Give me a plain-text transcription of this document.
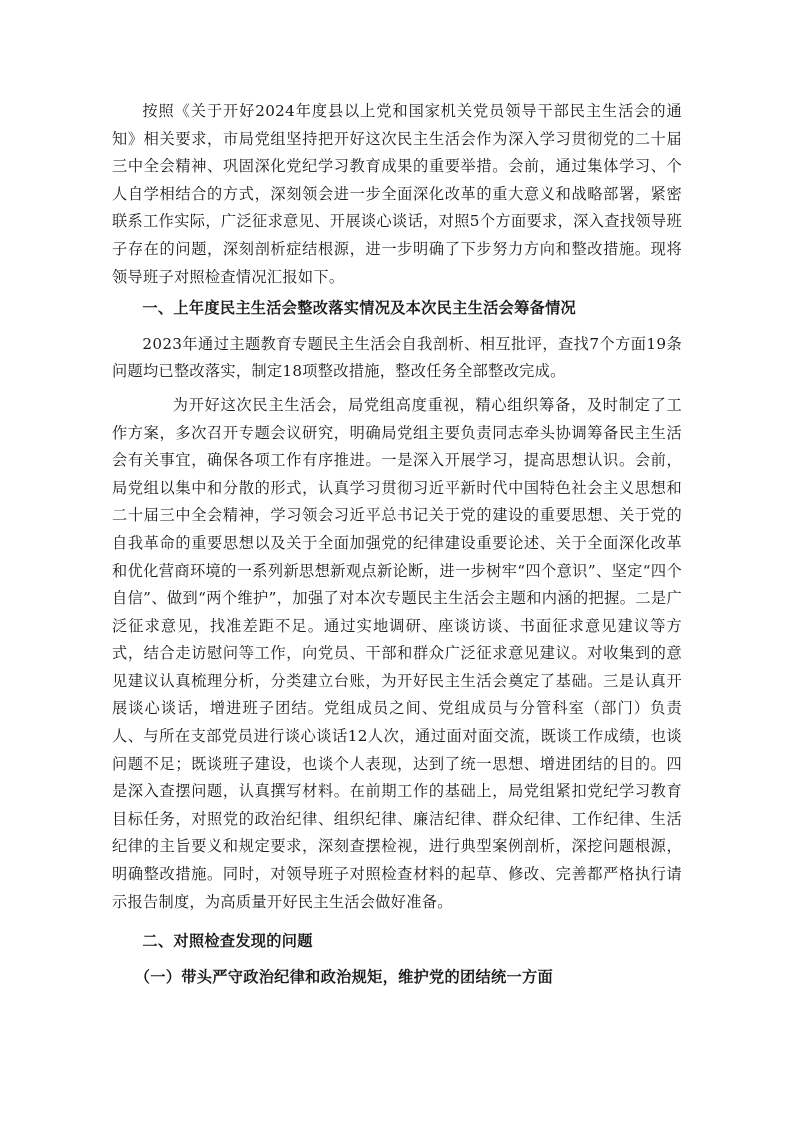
按照《关于开好2024年度县以上党和国家机关党员领导干部民主生活会的通知》相关要求，市局党组坚持把开好这次民主生活会作为深入学习贯彻党的二十届三中全会精神、巩固深化党纪学习教育成果的重要举措。会前，通过集体学习、个人自学相结合的方式，深刻领会进一步全面深化改革的重大意义和战略部署，紧密联系工作实际，广泛征求意见、开展谈心谈话，对照5个方面要求，深入查找领导班子存在的问题，深刻剖析症结根源，进一步明确了下步努力方向和整改措施。现将领导班子对照检查情况汇报如下。

一、上年度民主生活会整改落实情况及本次民主生活会筹备情况

2023年通过主题教育专题民主生活会自我剖析、相互批评，查找7个方面19条问题均已整改落实，制定18项整改措施，整改任务全部整改完成。

为开好这次民主生活会，局党组高度重视，精心组织筹备，及时制定了工作方案，多次召开专题会议研究，明确局党组主要负责同志牵头协调筹备民主生活会有关事宜，确保各项工作有序推进。一是深入开展学习，提高思想认识。会前，局党组以集中和分散的形式，认真学习贯彻习近平新时代中国特色社会主义思想和二十届三中全会精神，学习领会习近平总书记关于党的建设的重要思想、关于党的自我革命的重要思想以及关于全面加强党的纪律建设重要论述、关于全面深化改革和优化营商环境的一系列新思想新观点新论断，进一步树牢“四个意识”、坚定“四个自信”、做到“两个维护”，加强了对本次专题民主生活会主题和内涵的把握。二是广泛征求意见，找准差距不足。通过实地调研、座谈访谈、书面征求意见建议等方式，结合走访慰问等工作，向党员、干部和群众广泛征求意见建议。对收集到的意见建议认真梳理分析，分类建立台账，为开好民主生活会奠定了基础。三是认真开展谈心谈话，增进班子团结。党组成员之间、党组成员与分管科室（部门）负责人、与所在支部党员进行谈心谈话12人次，通过面对面交流，既谈工作成绩，也谈问题不足；既谈班子建设，也谈个人表现，达到了统一思想、增进团结的目的。四是深入查摆问题，认真撰写材料。在前期工作的基础上，局党组紧扣党纪学习教育目标任务，对照党的政治纪律、组织纪律、廉洁纪律、群众纪律、工作纪律、生活纪律的主旨要义和规定要求，深刻查摆检视，进行典型案例剖析，深挖问题根源，明确整改措施。同时，对领导班子对照检查材料的起草、修改、完善都严格执行请示报告制度，为高质量开好民主生活会做好准备。

二、对照检查发现的问题

（一）带头严守政治纪律和政治规矩，维护党的团结统一方面
